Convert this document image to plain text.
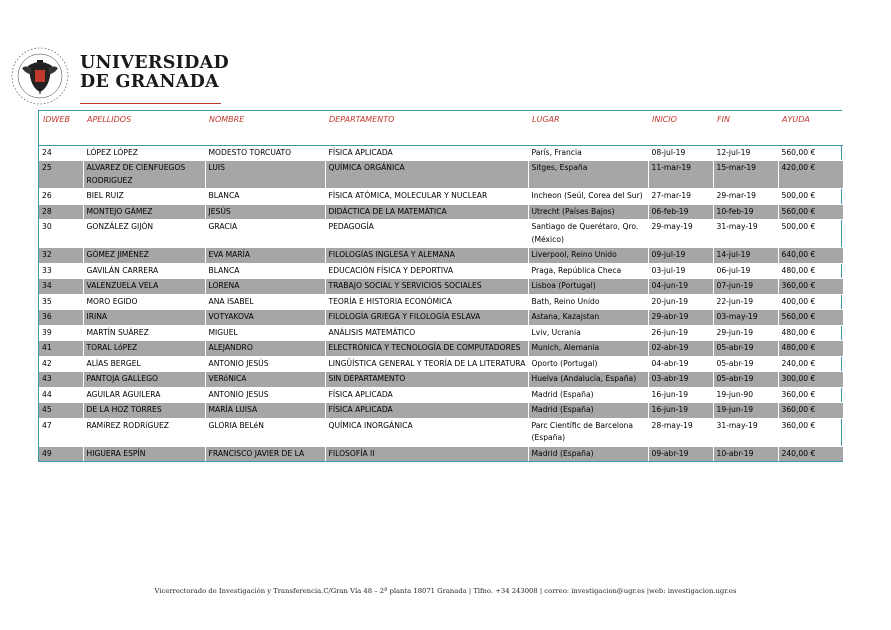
UNIVERSIDAD
DE GRANADA
IDWEB	APELLIDOS	NOMBRE	DEPARTAMENTO	LUGAR	INICIO	FIN	AYUDA
24	LÓPEZ LÓPEZ	MODESTO TORCUATO	FÍSICA APLICADA	París, Francia	08-jul-19	12-jul-19	560,00 €
25	ALVAREZ DE CIENFUEGOS RODRIGUEZ	LUIS	QUÍMICA ORGÁNICA	Sitges, España	11-mar-19	15-mar-19	420,00 €
26	BIEL RUIZ	BLANCA	FÍSICA ATÓMICA, MOLECULAR Y NUCLEAR	Incheon (Seúl, Corea del Sur)	27-mar-19	29-mar-19	500,00 €
28	MONTEJO GÁMEZ	JESÚS	DIDÁCTICA DE LA MATEMÁTICA	Utrecht (Países Bajos)	06-feb-19	10-feb-19	560,00 €
30	GONZÁLEZ GIJÓN	GRACIA	PEDAGOGÍA	Santiago de Querétaro, Qro. (México)	29-may-19	31-may-19	500,00 €
32	GÓMEZ JIMÉNEZ	EVA MARÍA	FILOLOGÍAS INGLESA Y ALEMANA	Liverpool, Reino Unido	09-jul-19	14-jul-19	640,00 €
33	GAVILÁN CARRERA	BLANCA	EDUCACIÓN FÍSICA Y DEPORTIVA	Praga, República Checa	03-jul-19	06-jul-19	480,00 €
34	VALENZUELA VELA	LORENA	TRABAJO SOCIAL Y SERVICIOS SOCIALES	Lisboa (Portugal)	04-jun-19	07-jun-19	360,00 €
35	MORO EGIDO	ANA ISABEL	TEORÍA E HISTORIA ECONÓMICA	Bath, Reino Unido	20-jun-19	22-jun-19	400,00 €
36	IRINA	VOTYAKOVA	FILOLOGÍA GRIEGA Y FILOLOGÍA ESLAVA	Astana, Kazajstan	29-abr-19	03-may-19	560,00 €
39	MARTÍN SUÁREZ	MIGUEL	ANÁLISIS MATEMÁTICO	Lviv, Ucrania	26-jun-19	29-jun-19	480,00 €
41	TORAL LóPEZ	ALEJANDRO	ELECTRÓNICA Y TECNOLOGÍA DE COMPUTADORES	Munich, Alemania	02-abr-19	05-abr-19	480,00 €
42	ALÍAS BERGEL	ANTONIO JESÚS	LINGÜÍSTICA GENERAL Y TEORÍA DE LA LITERATURA	Oporto (Portugal)	04-abr-19	05-abr-19	240,00 €
43	PANTOJA GALLEGO	VERóNICA	SIN DEPARTAMENTO	Huelva (Andalucía, España)	03-abr-19	05-abr-19	300,00 €
44	AGUILAR AGUILERA	ANTONIO JESUS	FÍSICA APLICADA	Madrid (España)	16-jun-19	19-jun-90	360,00 €
45	DE LA HOZ TORRES	MARÍA LUISA	FÍSICA APLICADA	Madrid (España)	16-jun-19	19-jun-19	360,00 €
47	RAMíREZ RODRíGUEZ	GLORIA BELéN	QUÍMICA INORGÁNICA	Parc Científic de Barcelona (España)	28-may-19	31-may-19	360,00 €
49	HIGUERA ESPÍN	FRANCISCO JAVIER DE LA	FILOSOFÍA II	Madrid (España)	09-abr-19	10-abr-19	240,00 €
Vicerrectorado de Investigación y Transferencia.C/Gran Vía 48 – 2ª planta 18071 Granada | Tlfno. +34 243008 | correo: investigacion@ugr.es |web: investigacion.ugr.es
